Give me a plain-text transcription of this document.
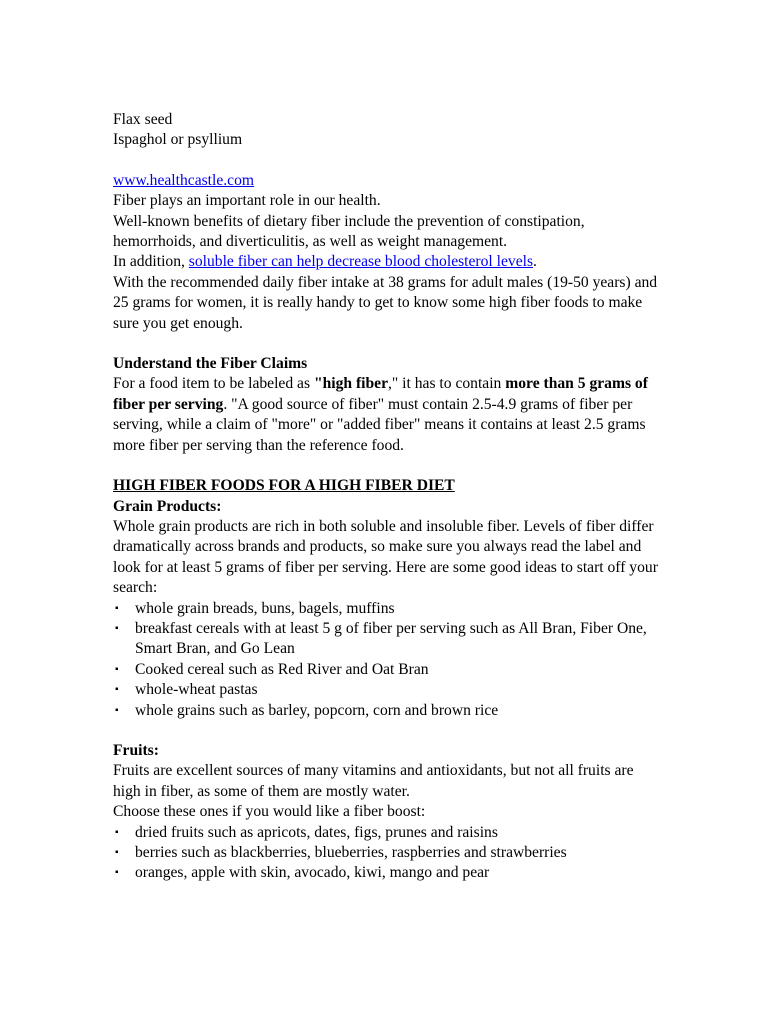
Flax seed

Ispaghol or psyllium

www.healthcastle.com

Fiber plays an important role in our health.

Well-known benefits of dietary fiber include the prevention of constipation, hemorrhoids, and diverticulitis, as well as weight management.

In addition, soluble fiber can help decrease blood cholesterol levels.

With the recommended daily fiber intake at 38 grams for adult males (19-50 years) and 25 grams for women, it is really handy to get to know some high fiber foods to make sure you get enough.

Understand the Fiber Claims

For a food item to be labeled as "high fiber," it has to contain more than 5 grams of fiber per serving. "A good source of fiber" must contain 2.5-4.9 grams of fiber per serving, while a claim of "more" or "added fiber" means it contains at least 2.5 grams more fiber per serving than the reference food.

HIGH FIBER FOODS FOR A HIGH FIBER DIET

Grain Products:

Whole grain products are rich in both soluble and insoluble fiber. Levels of fiber differ dramatically across brands and products, so make sure you always read the label and look for at least 5 grams of fiber per serving. Here are some good ideas to start off your search:

▪ whole grain breads, buns, bagels, muffins
▪ breakfast cereals with at least 5 g of fiber per serving such as All Bran, Fiber One, Smart Bran, and Go Lean
▪ Cooked cereal such as Red River and Oat Bran
▪ whole-wheat pastas
▪ whole grains such as barley, popcorn, corn and brown rice

Fruits:

Fruits are excellent sources of many vitamins and antioxidants, but not all fruits are high in fiber, as some of them are mostly water.

Choose these ones if you would like a fiber boost:

▪ dried fruits such as apricots, dates, figs, prunes and raisins
▪ berries such as blackberries, blueberries, raspberries and strawberries
▪ oranges, apple with skin, avocado, kiwi, mango and pear
